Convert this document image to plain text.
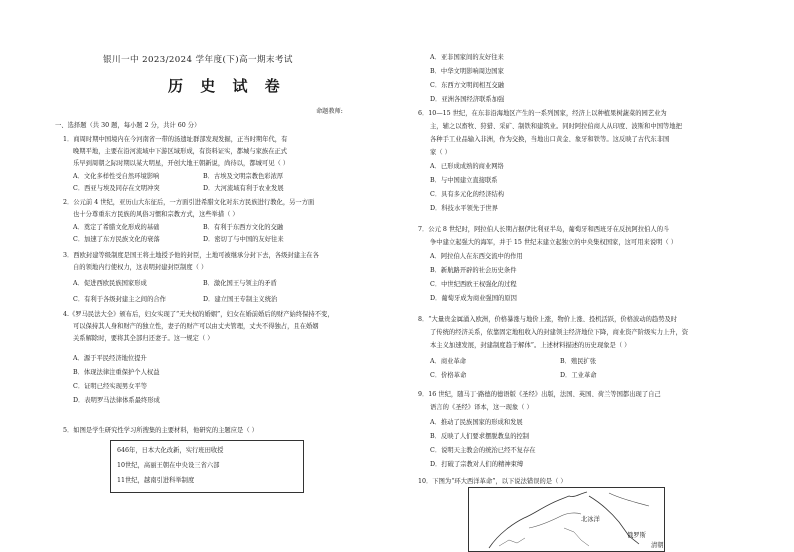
银川一中 2023/2024 学年度(下)高一期末考试
历 史 试 卷
命题教师:
一、选择题（共 30 题，每小题 2 分，共计 60 分）
1．商周时期中国境内在今河南省一带的汤遗址群部发现发掘，正当时期年代，有
晚期平地，主要在沿河流域中下游区域形成，有资料证实，都城与家族在正式
乐早到周朝之际时期以某大明星，开创大地王朝新说，尚待以，都城可见（ ）
A．文化多样性受自然环境影响	B．古埃及文明宗教色彩浓厚
C．西亚与埃及同存在文明冲突	D．大河流域有利于农业发展
2．公元前 4 世纪，亚历山大东征后，一方面引进希腊文化对东方民族进行教化，另一方面
也十分尊重东方民族的风俗习惯和宗教方式，这些举措（ ）
A．奠定了希腊文化形成的基础	B．有利于东西方文化的交融
C．加速了东方民族文化的衰落	D．密切了与中国的友好往来
3．西欧封建等级制度是国王将土地授予他的封臣，土地可被继承分封下去，各级封建主在各
自的领地内行使权力，这表明封建封臣制度（ ）
A．促进西欧民族国家形成	B．激化国王与领主的矛盾
C．有利于各级封建主之间的合作	D．建立国王专制主义统治
4.《罗马民法大全》颁布后，妇女实现了“无夫权的婚姻”，妇女在婚前婚后的财产始终保持不变，
可以保持其人身和财产的独立性，妻子的财产可以由丈夫管理，丈夫不得独占，且在婚姻
关系解除时，要将其全部归还妻子。这一规定（ ）
A．源于平民经济地位提升
B．体现法律注重保护个人权益
C．证明已经实现男女平等
D．表明罗马法律体系最终形成
5．如图是学生研究性学习所搜集的主要材料，他研究的主题应是（ ）
646年，日本大化改新，实行班田收授
10世纪，高丽王朝在中央设三省六部
11世纪，越南引进科举制度
A．亚非国家间的友好往来
B．中华文明影响周边国家
C．东西方文明间相互交融
D．亚洲各国经济联系加强
6．10—15 世纪，在东非沿海地区产生的一系列国家，经济上以种植果树蔬菜的园艺业为
主，辅之以畜牧、狩猎、采矿、制铁和建筑业。同时阿拉伯商人从印度、波斯和中国等地把
各种手工业品输入非洲，作为交换，当地出口黄金、象牙和铁等。这反映了古代东非国
家（ ）
A．已形成成熟的商业网络
B．与中国建立直接联系
C．具有多元化的经济结构
D．科技水平领先于世界
7．公元 8 世纪时，阿拉伯人长期占据伊比利亚半岛，葡萄牙和西班牙在反抗阿拉伯人的斗
争中建立起强大的海军，并于 15 世纪末建立起独立的中央集权国家，这可用来说明（ ）
A．阿拉伯人在东西交流中的作用
B．新航路开辟的社会历史条件
C．中世纪西欧王权强化的过程
D．葡萄牙成为商业强国的原因
8．“大量贵金属涌入欧洲，价格暴涨与地价上涨，物价上涨、投机活跃，价格波动的趋势及时
了传统的经济关系，依靠固定地租收入的封建领主经济地位下降，商业资产阶级实力上升，资
本主义加速发展，封建制度趋于解体”。上述材料描述的历史现象是（ ）
A．商业革命	B．殖民扩张
C．价格革命	D．工业革命
9．16 世纪，随马丁·路德的德语版《圣经》出版，法国、英国、荷兰等国都出现了自己
语言的《圣经》译本，这一现象（ ）
A．推动了民族国家的形成和发展
B．反映了人们要求摆脱教皇的控制
C．说明天主教会的统治已经不复存在
D．打破了宗教对人们的精神束缚
10．下图为“环大西洋革命”，以下说法错误的是（ ）
北冰洋
俄罗斯
清朝
